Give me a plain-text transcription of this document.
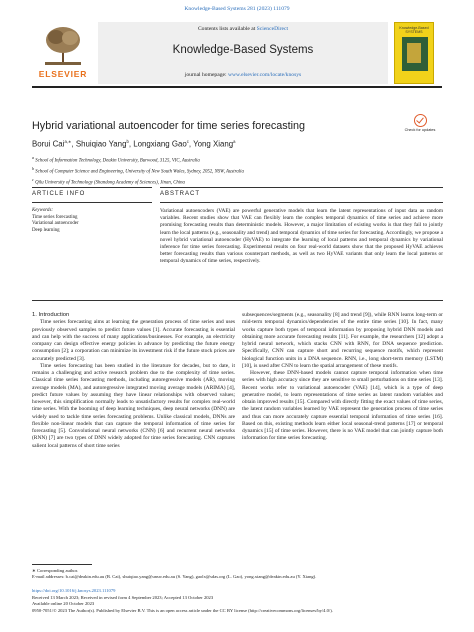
Knowledge-Based Systems 281 (2023) 111079
ELSEVIER
Contents lists available at ScienceDirect
Knowledge-Based Systems
journal homepage: www.elsevier.com/locate/knosys
Knowledge-Based SYSTEMS
Hybrid variational autoencoder for time series forecasting	Check for updates
Borui Cai$^{a,∗}$, Shuiqiao Yang$^b$, Longxiang Gao$^c$, Yong Xiang$^a$
$^a$ School of Information Technology, Deakin University, Burwood, 3125, VIC, Australia
$^b$ School of Computer Science and Engineering, University of New South Wales, Sydney, 2052, NSW, Australia
$^c$ Qilu University of Technology (Shandong Academy of Sciences), Jinan, China
ARTICLE INFO	ABSTRACT
Keywords:
Time series forecasting
Variational autoencoder
Deep learning
Variational autoencoders (VAE) are powerful generative models that learn the latent representations of input data as random variables. Recent studies show that VAE can flexibly learn the complex temporal dynamics of time series and achieve more promising forecasting results than deterministic models. However, a major limitation of existing works is that they fail to jointly learn the local patterns (e.g., seasonality and trend) and temporal dynamics of time series for forecasting. Accordingly, we propose a novel hybrid variational autoencoder (HyVAE) to integrate the learning of local patterns and temporal dynamics by variational inference for time series forecasting. Experimental results on four real-world datasets show that the proposed HyVAE achieves better forecasting results than various counterpart methods, as well as two HyVAE variants that only learn the local patterns or temporal dynamics of time series, respectively.

1. Introduction

Time series forecasting aims at learning the generation process of time series and uses previously observed samples to predict future values [1]. Accurate forecasting is essential and can help with the success of many applications/businesses. For example, an electricity company can design effective energy policies in advance by predicting the future energy consumption [2]; a corporation can minimize its investment risk if the future stock prices are accurately predicted [3].

Time series forecasting has been studied in the literature for decades, but to date, it remains a challenging and active research problem due to the complexity of time series. Classical time series forecasting methods, including autoregressive models (AR), moving average models (MA), and autoregressive integrated moving average models (ARIMA) [4], predict future values by assuming they have linear relationships with observed values; however, this simplification normally leads to unsatisfactory results for complex real-world time series. With the booming of deep learning techniques, deep neural networks (DNN) are widely used to tackle time series forecasting problems. Unlike classical models, DNNs are flexible non-linear models that can capture the temporal information of time series for forecasting [5]. Convolutional neural networks (CNN) [6] and recurrent neural networks (RNN) [7] are two types of DNN widely adopted for time series forecasting. CNN captures salient local patterns of short time series

subsequences/segments (e.g., seasonality [8] and trend [9]), while RNN learns long-term or mid-term temporal dynamics/dependencies of the entire time series [10]. In fact, many works capture both types of temporal information by proposing hybrid DNN models and obtaining more accurate forecasting results [11]. For example, the researchers [12] adopt a hybrid neural network, which stacks CNN with RNN, for DNA sequence prediction. Specifically, CNN can capture short and recurring sequence motifs, which represent biological function units in a DNA sequence. RNN, i.e., long short-term memory (LSTM) [10], is used after CNN to learn the spatial arrangement of these motifs.

However, these DNN-based models cannot capture temporal information when time series with high accuracy since they are sensitive to small perturbations on time series [13]. Recent works refer to variational autoencoder (VAE) [14], which is a type of deep generative model, to learn representations of time series as latent random variables and obtain improved results [15]. Compared with directly fitting the exact values of time series, the latent random variables learned by VAE represent the generation process of time series and thus can more accurately capture essential temporal information of time series [16]. Based on this, existing methods learn either local seasonal-trend patterns [17] or temporal dynamics [15] of time series. However, there is no VAE model that can jointly capture both information for time series forecasting.

∗ Corresponding author.
E-mail addresses: b.cai@deakin.edu.au (B. Cai), shuiqiao.yang@unsw.edu.au (S. Yang), gaolx@sdas.org (L. Gao), yong.xiang@deakin.edu.au (Y. Xiang).
https://doi.org/10.1016/j.knosys.2023.111079
Received 13 March 2023; Received in revised form 4 September 2023; Accepted 13 October 2023
Available online 20 October 2023
0950-7051/© 2023 The Author(s). Published by Elsevier B.V. This is an open access article under the CC BY license (http://creativecommons.org/licenses/by/4.0/).
